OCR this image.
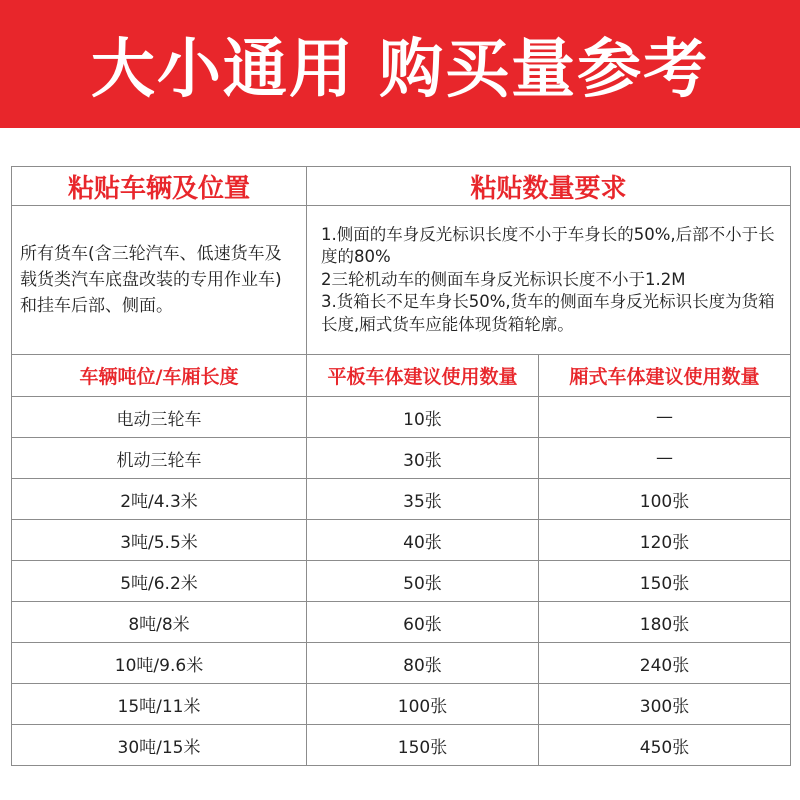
大小通用 购买量参考
粘贴车辆及位置	粘贴数量要求	
所有货车(含三轮汽车、低速货车及载货类汽车底盘改装的专用作业车)和挂车后部、侧面。	1.侧面的车身反光标识长度不小于车身长的50%,后部不小于长度的80%
2三轮机动车的侧面车身反光标识长度不小于1.2M
3.货箱长不足车身长50%,货车的侧面车身反光标识长度为货箱长度,厢式货车应能体现货箱轮廓。	

车辆吨位/车厢长度	平板车体建议使用数量	厢式车体建议使用数量
电动三轮车	10张	—
机动三轮车	30张	—
2吨/4.3米	35张	100张
3吨/5.5米	40张	120张
5吨/6.2米	50张	150张
8吨/8米	60张	180张
10吨/9.6米	80张	240张
15吨/11米	100张	300张
30吨/15米	150张	450张
